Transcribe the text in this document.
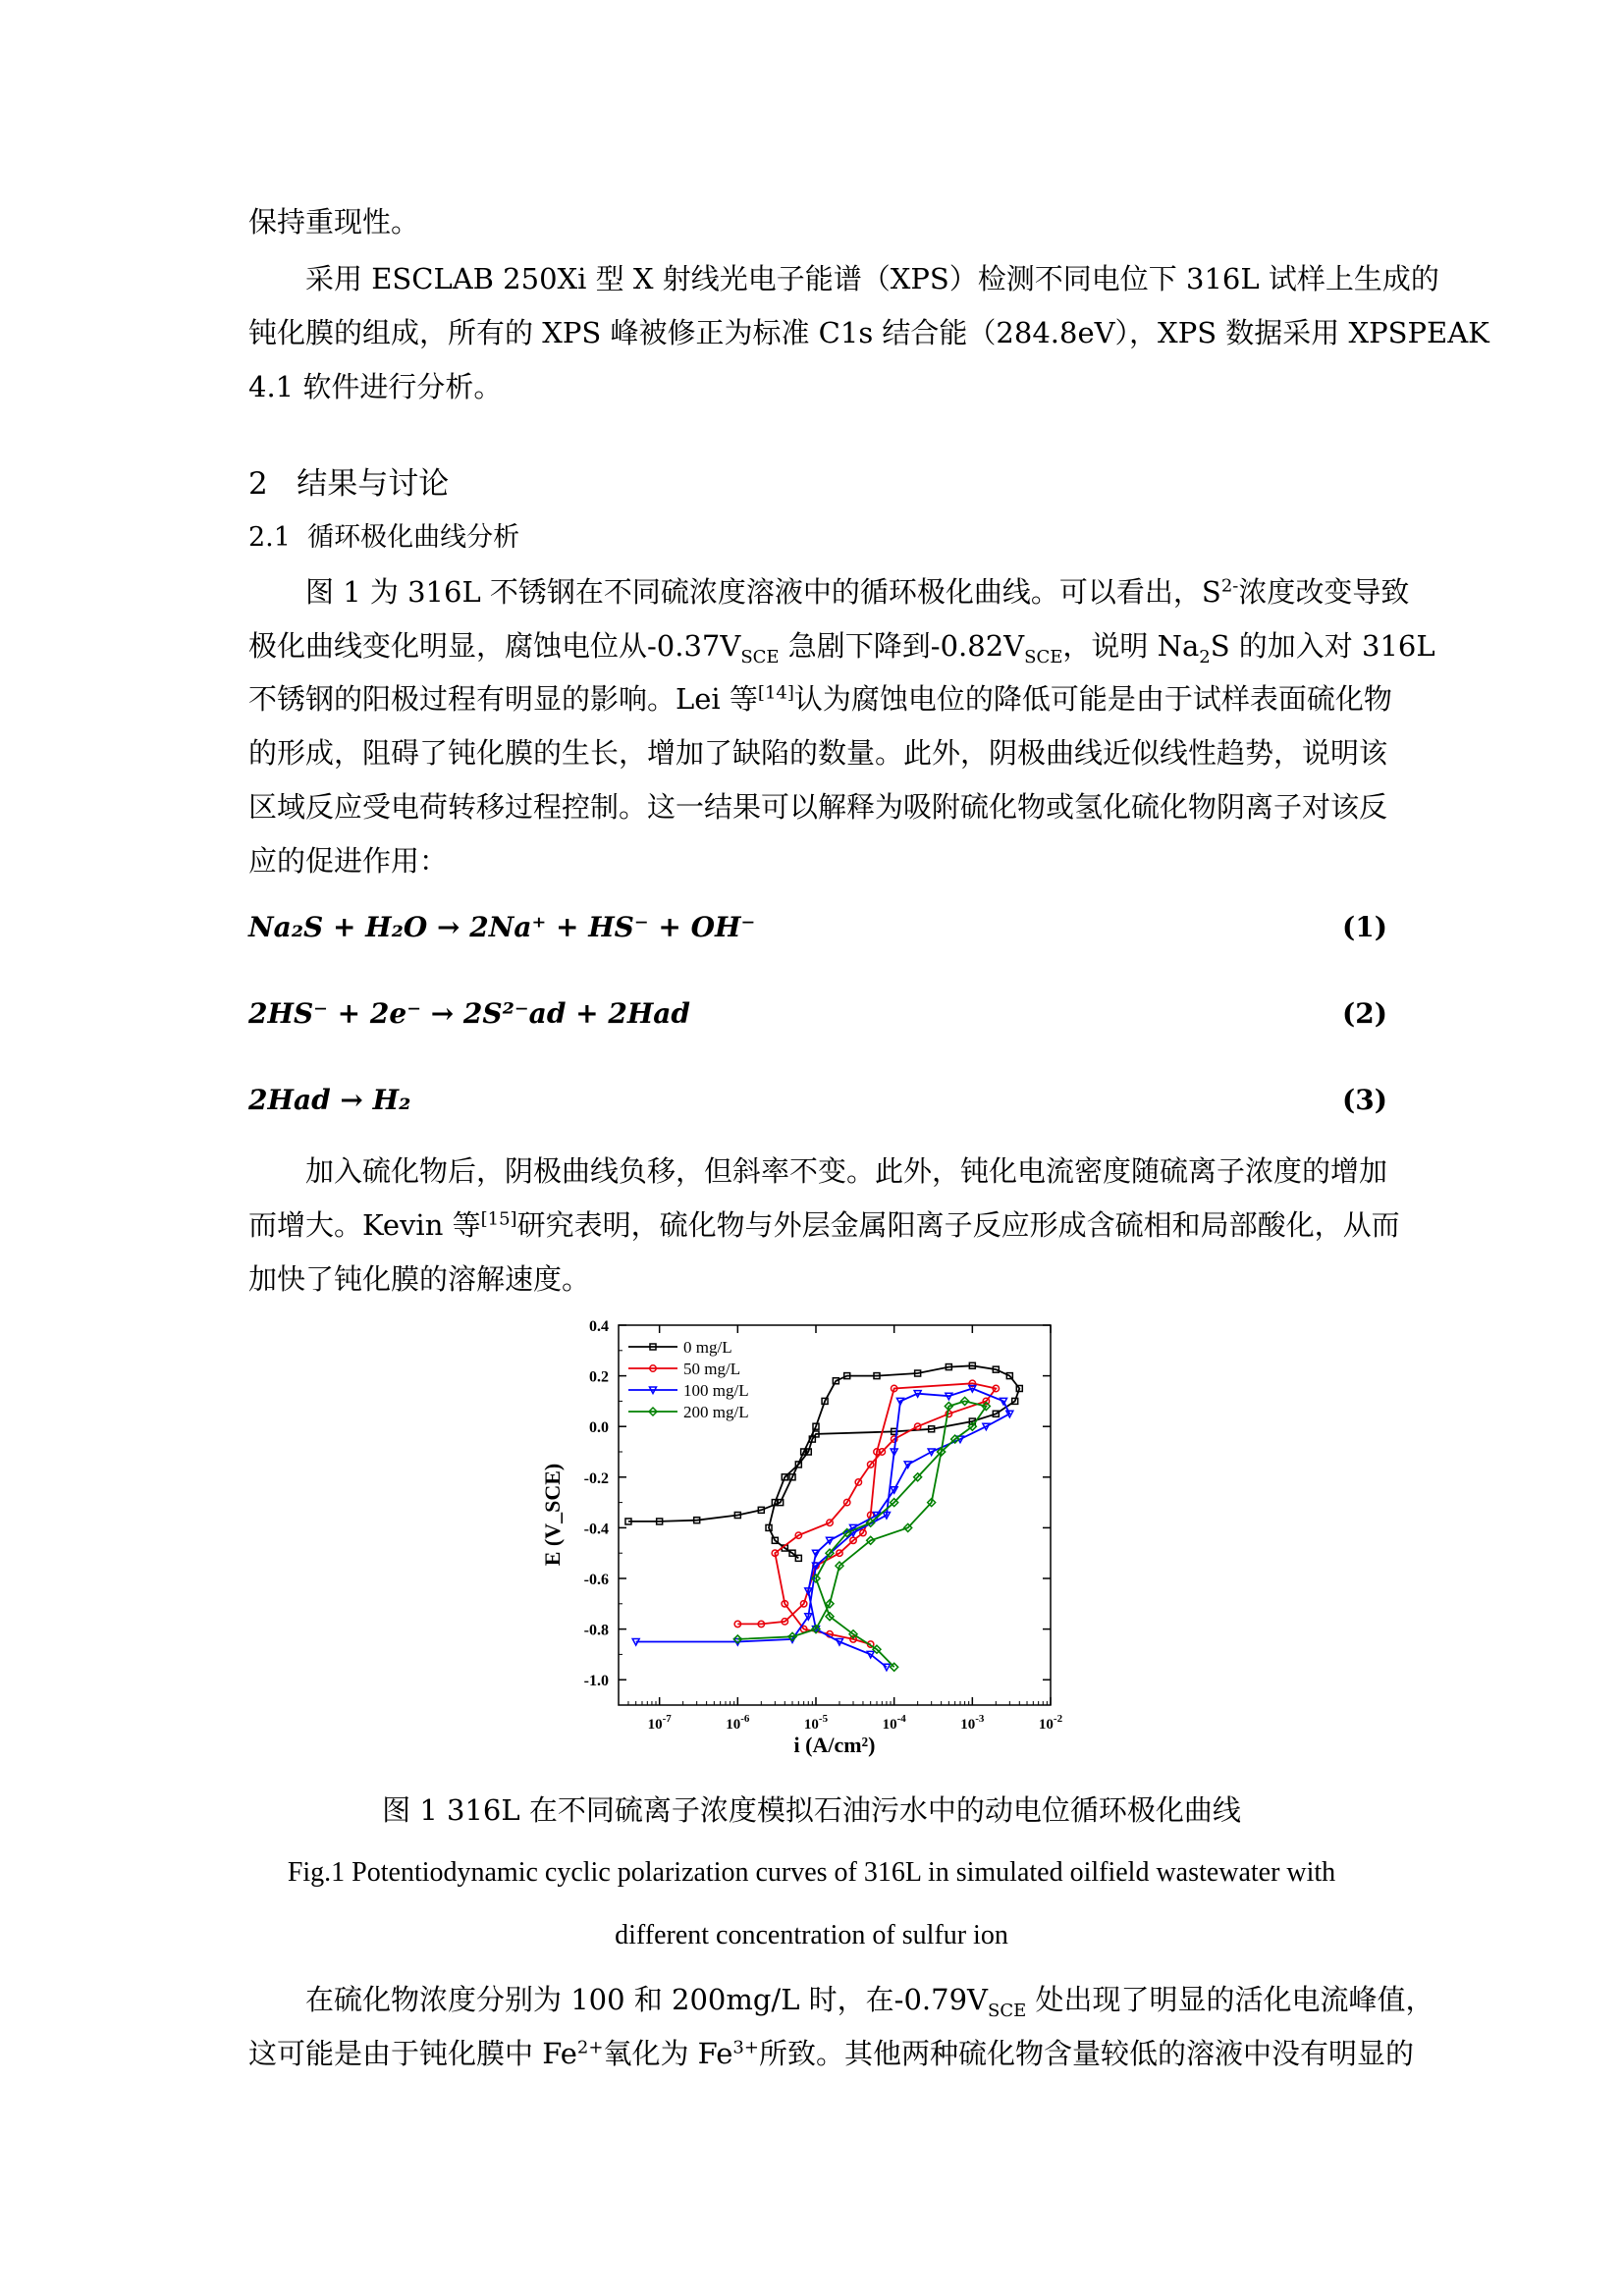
保持重现性。
采用 ESCLAB 250Xi 型 X 射线光电子能谱（XPS）检测不同电位下 316L 试样上生成的
钝化膜的组成，所有的 XPS 峰被修正为标准 C1s 结合能（284.8eV），XPS 数据采用 XPSPEAK
4.1 软件进行分析。
2 结果与讨论
2.1 循环极化曲线分析
图 1 为 316L 不锈钢在不同硫浓度溶液中的循环极化曲线。可以看出，$S^{2-}$浓度改变导致
极化曲线变化明显，腐蚀电位从$-0.37V_{SCE}$ 急剧下降到$-0.82V_{SCE}$，说明 $Na_2S$ 的加入对 316L
不锈钢的阳极过程有明显的影响。Lei 等[14]认为腐蚀电位的降低可能是由于试样表面硫化物
的形成，阻碍了钝化膜的生长，增加了缺陷的数量。此外，阴极曲线近似线性趋势，说明该
区域反应受电荷转移过程控制。这一结果可以解释为吸附硫化物或氢化硫化物阴离子对该反
应的促进作用：
Na₂S + H₂O → 2Na⁺ + HS⁻ + OH⁻	(1)
2HS⁻ + 2e⁻ → 2S²⁻ad + 2Had	(2)
2Had → H₂	(3)
加入硫化物后，阴极曲线负移，但斜率不变。此外，钝化电流密度随硫离子浓度的增加
而增大。Kevin 等[15]研究表明，硫化物与外层金属阳离子反应形成含硫相和局部酸化，从而
加快了钝化膜的溶解速度。
0.4
0.2
0.0
-0.2
-0.4
-0.6
-0.8
-1.0
$10^{-7}$	$10^{-6}$	$10^{-5}$	$10^{-4}$	$10^{-3}$	$10^{-2}$
0 mg/L
50 mg/L
100 mg/L
200 mg/L
E (V_SCE)
i (A/cm²)
图 1 316L 在不同硫离子浓度模拟石油污水中的动电位循环极化曲线
Fig.1 Potentiodynamic cyclic polarization curves of 316L in simulated oilfield wastewater with
different concentration of sulfur ion
在硫化物浓度分别为 100 和 200mg/L 时，在$-0.79V_{SCE}$ 处出现了明显的活化电流峰值，
这可能是由于钝化膜中 $Fe^{2+}$氧化为 $Fe^{3+}$所致。其他两种硫化物含量较低的溶液中没有明显的
